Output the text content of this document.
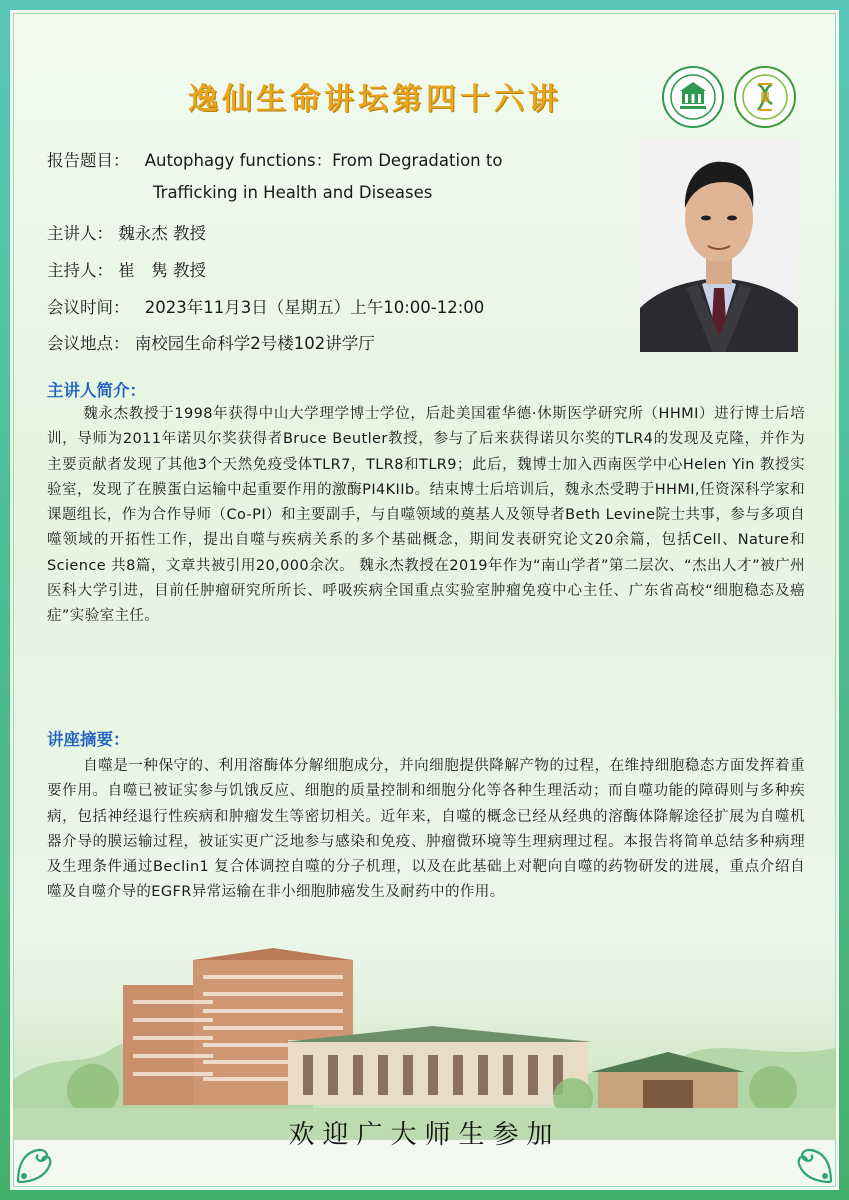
逸仙生命讲坛第四十六讲
报告题目： Autophagy functions：From Degradation to
Trafficking in Health and Diseases
主讲人： 魏永杰 教授
主持人： 崔　隽 教授
会议时间： 2023年11月3日（星期五）上午10:00-12:00
会议地点： 南校园生命科学2号楼102讲学厅
主讲人简介：
魏永杰教授于1998年获得中山大学理学博士学位，后赴美国霍华德·休斯医学研究所（HHMI）进行博士后培训，导师为2011年诺贝尔奖获得者Bruce Beutler教授，参与了后来获得诺贝尔奖的TLR4的发现及克隆，并作为主要贡献者发现了其他3个天然免疫受体TLR7，TLR8和TLR9；此后，魏博士加入西南医学中心Helen Yin 教授实验室，发现了在膜蛋白运输中起重要作用的激酶PI4KIIb。结束博士后培训后，魏永杰受聘于HHMI,任资深科学家和课题组长，作为合作导师（Co-PI）和主要副手，与自噬领域的奠基人及领导者Beth Levine院士共事，参与多项自噬领域的开拓性工作，提出自噬与疾病关系的多个基础概念，期间发表研究论文20余篇，包括Cell、Nature和Science 共8篇，文章共被引用20,000余次。 魏永杰教授在2019年作为“南山学者”第二层次、“杰出人才”被广州医科大学引进，目前任肿瘤研究所所长、呼吸疾病全国重点实验室肿瘤免疫中心主任、广东省高校“细胞稳态及癌症”实验室主任。
讲座摘要：
自噬是一种保守的、利用溶酶体分解细胞成分，并向细胞提供降解产物的过程，在维持细胞稳态方面发挥着重要作用。自噬已被证实参与饥饿反应、细胞的质量控制和细胞分化等各种生理活动；而自噬功能的障碍则与多种疾病，包括神经退行性疾病和肿瘤发生等密切相关。近年来，自噬的概念已经从经典的溶酶体降解途径扩展为自噬机器介导的膜运输过程，被证实更广泛地参与感染和免疫、肿瘤微环境等生理病理过程。本报告将简单总结多种病理及生理条件通过Beclin1 复合体调控自噬的分子机理，以及在此基础上对靶向自噬的药物研发的进展，重点介绍自噬及自噬介导的EGFR异常运输在非小细胞肺癌发生及耐药中的作用。
欢迎广大师生参加
